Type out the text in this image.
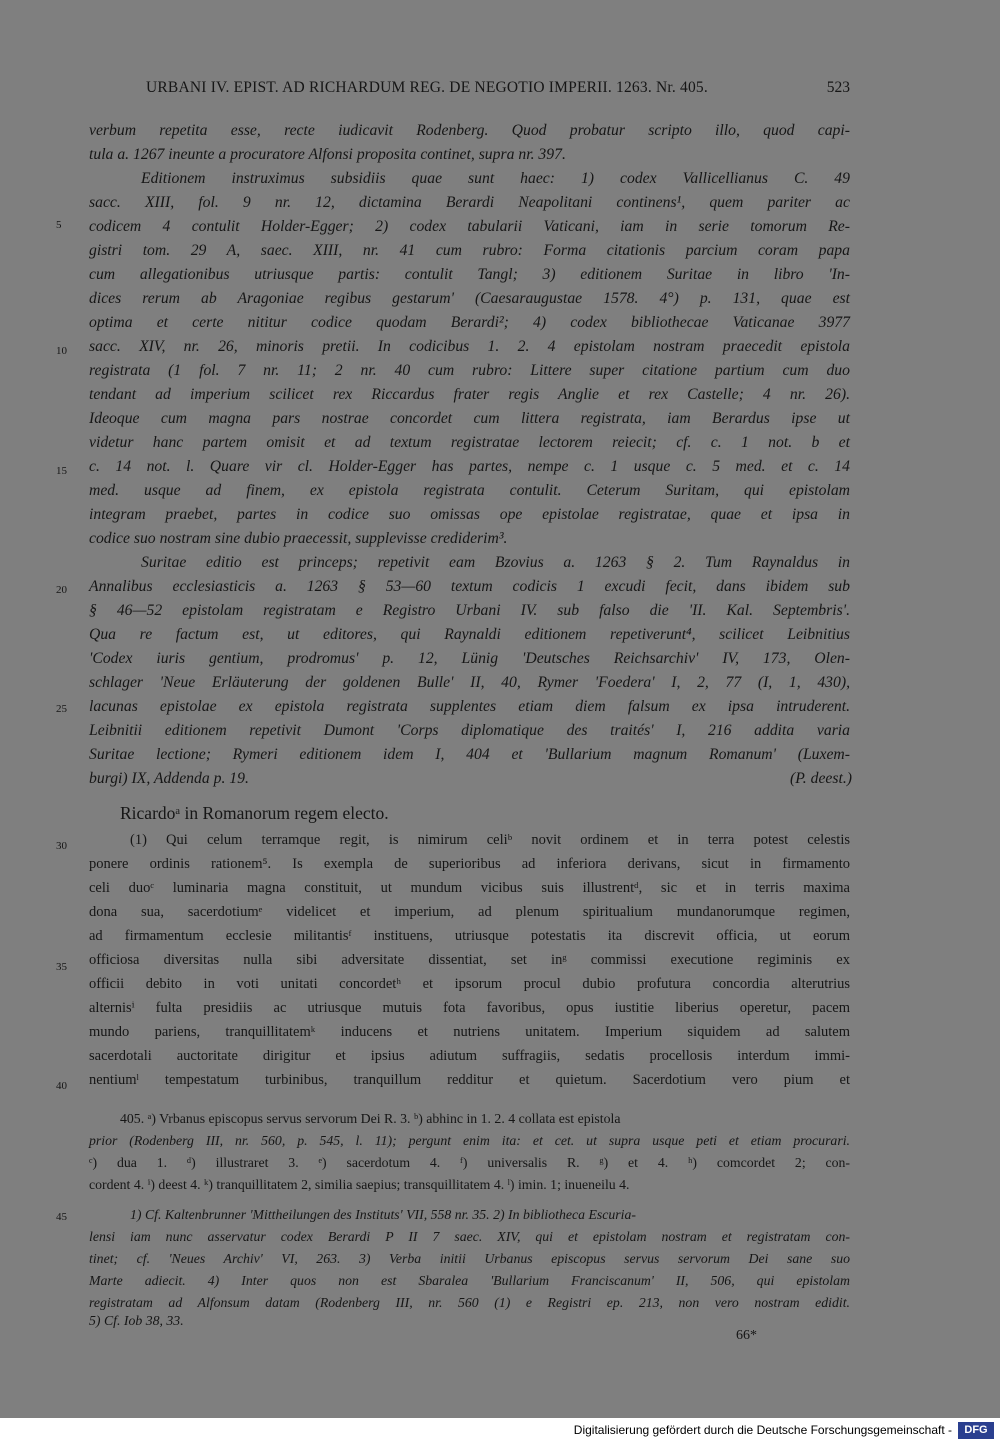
URBANI IV. EPIST. AD RICHARDUM REG. DE NEGOTIO IMPERII. 1263. Nr. 405.	523
5
10
15
20
25
30
35
40
45
verbum repetita esse, recte iudicavit Rodenberg. Quod probatur scripto illo, quod capi-
tula a. 1267 ineunte a procuratore Alfonsi proposita continet, supra nr. 397.
Editionem instruximus subsidiis quae sunt haec: 1) codex Vallicellianus C. 49
sacc. XIII, fol. 9 nr. 12, dictamina Berardi Neapolitani continens¹, quem pariter ac
codicem 4 contulit Holder-Egger; 2) codex tabularii Vaticani, iam in serie tomorum Re-
gistri tom. 29 A, saec. XIII, nr. 41 cum rubro: Forma citationis parcium coram papa
cum allegationibus utriusque partis: contulit Tangl; 3) editionem Suritae in libro 'In-
dices rerum ab Aragoniae regibus gestarum' (Caesaraugustae 1578. 4°) p. 131, quae est
optima et certe nititur codice quodam Berardi²; 4) codex bibliothecae Vaticanae 3977
sacc. XIV, nr. 26, minoris pretii. In codicibus 1. 2. 4 epistolam nostram praecedit epistola
registrata (1 fol. 7 nr. 11; 2 nr. 40 cum rubro: Littere super citatione partium cum duo
tendant ad imperium scilicet rex Riccardus frater regis Anglie et rex Castelle; 4 nr. 26).
Ideoque cum magna pars nostrae concordet cum littera registrata, iam Berardus ipse ut
videtur hanc partem omisit et ad textum registratae lectorem reiecit; cf. c. 1 not. b et
c. 14 not. l. Quare vir cl. Holder-Egger has partes, nempe c. 1 usque c. 5 med. et c. 14
med. usque ad finem, ex epistola registrata contulit. Ceterum Suritam, qui epistolam
integram praebet, partes in codice suo omissas ope epistolae registratae, quae et ipsa in
codice suo nostram sine dubio praecessit, supplevisse crediderim³.
Suritae editio est princeps; repetivit eam Bzovius a. 1263 § 2. Tum Raynaldus in
Annalibus ecclesiasticis a. 1263 § 53—60 textum codicis 1 excudi fecit, dans ibidem sub
§ 46—52 epistolam registratam e Registro Urbani IV. sub falso die 'II. Kal. Septembris'.
Qua re factum est, ut editores, qui Raynaldi editionem repetiverunt⁴, scilicet Leibnitius
'Codex iuris gentium, prodromus' p. 12, Lünig 'Deutsches Reichsarchiv' IV, 173, Olen-
schlager 'Neue Erläuterung der goldenen Bulle' II, 40, Rymer 'Foedera' I, 2, 77 (I, 1, 430),
lacunas epistolae ex epistola registrata supplentes etiam diem falsum ex ipsa intruderent.
Leibnitii editionem repetivit Dumont 'Corps diplomatique des traités' I, 216 addita varia
Suritae lectione; Rymeri editionem idem I, 404 et 'Bullarium magnum Romanum' (Luxem-
burgi) IX, Addenda p. 19.	(P. deest.)
Ricardoᵃ in Romanorum regem electo.
(1) Qui celum terramque regit, is nimirum celiᵇ novit ordinem et in terra potest celestis
ponere ordinis rationem⁵. Is exempla de superioribus ad inferiora derivans, sicut in firmamento
celi duoᶜ luminaria magna constituit, ut mundum vicibus suis illustrentᵈ, sic et in terris maxima
dona sua, sacerdotiumᵉ videlicet et imperium, ad plenum spiritualium mundanorumque regimen,
ad firmamentum ecclesie militantisᶠ instituens, utriusque potestatis ita discrevit officia, ut eorum
officiosa diversitas nulla sibi adversitate dissentiat, set inᵍ commissi executione regiminis ex
officii debito in voti unitati concordetʰ et ipsorum procul dubio profutura concordia alterutrius
alternisⁱ fulta presidiis ac utriusque mutuis fota favoribus, opus iustitie liberius operetur, pacem
mundo pariens, tranquillitatemᵏ inducens et nutriens unitatem. Imperium siquidem ad salutem
sacerdotali auctoritate dirigitur et ipsius adiutum suffragiis, sedatis procellosis interdum immi-
nentiumˡ tempestatum turbinibus, tranquillum redditur et quietum. Sacerdotium vero pium et
405. ᵃ) Vrbanus episcopus servus servorum Dei R. 3. ᵇ) abhinc in 1. 2. 4 collata est epistola
prior (Rodenberg III, nr. 560, p. 545, l. 11); pergunt enim ita: et cet. ut supra usque peti et etiam procurari.
ᶜ) dua 1. ᵈ) illustraret 3. ᵉ) sacerdotum 4. ᶠ) universalis R. ᵍ) et 4. ʰ) comcordet 2; con-
cordent 4. ⁱ) deest 4. ᵏ) tranquillitatem 2, similia saepius; transquillitatem 4. ˡ) imin. 1; inueneilu 4.
1) Cf. Kaltenbrunner 'Mittheilungen des Instituts' VII, 558 nr. 35. 2) In bibliotheca Escuria-
lensi iam nunc asservatur codex Berardi P II 7 saec. XIV, qui et epistolam nostram et registratam con-
tinet; cf. 'Neues Archiv' VI, 263. 3) Verba initii Urbanus episcopus servus servorum Dei sane suo
Marte adiecit. 4) Inter quos non est Sbaralea 'Bullarium Franciscanum' II, 506, qui epistolam
registratam ad Alfonsum datam (Rodenberg III, nr. 560 (1) e Registri ep. 213, non vero nostram edidit.
5) Cf. Iob 38, 33.
66*
Digitalisierung gefördert durch die Deutsche Forschungsgemeinschaft -	DFG
